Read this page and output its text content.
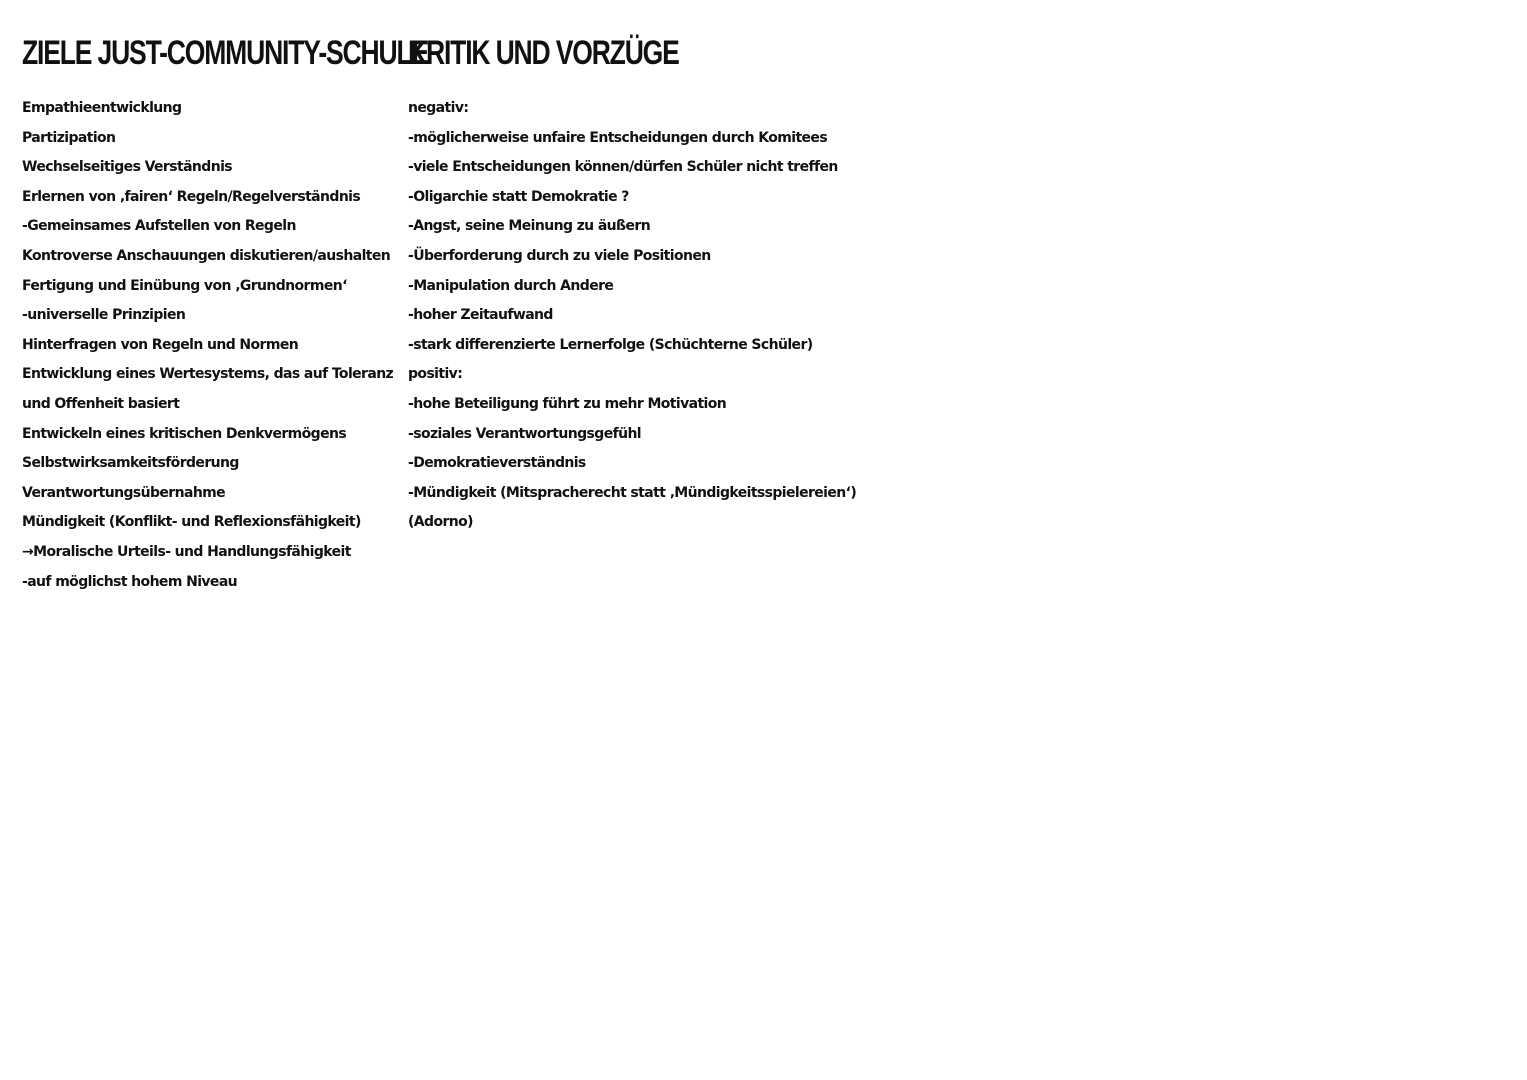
ZIELE JUST-COMMUNITY-SCHULE
Empathieentwicklung
Partizipation
Wechselseitiges Verständnis
Erlernen von ‚fairen‘ Regeln/Regelverständnis
-Gemeinsames Aufstellen von Regeln
Kontroverse Anschauungen diskutieren/aushalten
Fertigung und Einübung von ‚Grundnormen‘
-universelle Prinzipien
Hinterfragen von Regeln und Normen
Entwicklung eines Wertesystems, das auf Toleranz
und Offenheit basiert
Entwickeln eines kritischen Denkvermögens
Selbstwirksamkeitsförderung
Verantwortungsübernahme
Mündigkeit (Konflikt- und Reflexionsfähigkeit)
→Moralische Urteils- und Handlungsfähigkeit
-auf möglichst hohem Niveau
KRITIK UND VORZÜGE
negativ:
-möglicherweise unfaire Entscheidungen durch Komitees
-viele Entscheidungen können/dürfen Schüler nicht treffen
-Oligarchie statt Demokratie ?
-Angst, seine Meinung zu äußern
-Überforderung durch zu viele Positionen
-Manipulation durch Andere
-hoher Zeitaufwand
-stark differenzierte Lernerfolge (Schüchterne Schüler)
positiv:
-hohe Beteiligung führt zu mehr Motivation
-soziales Verantwortungsgefühl
-Demokratieverständnis
-Mündigkeit (Mitspracherecht statt ‚Mündigkeitsspielereien‘)
(Adorno)
